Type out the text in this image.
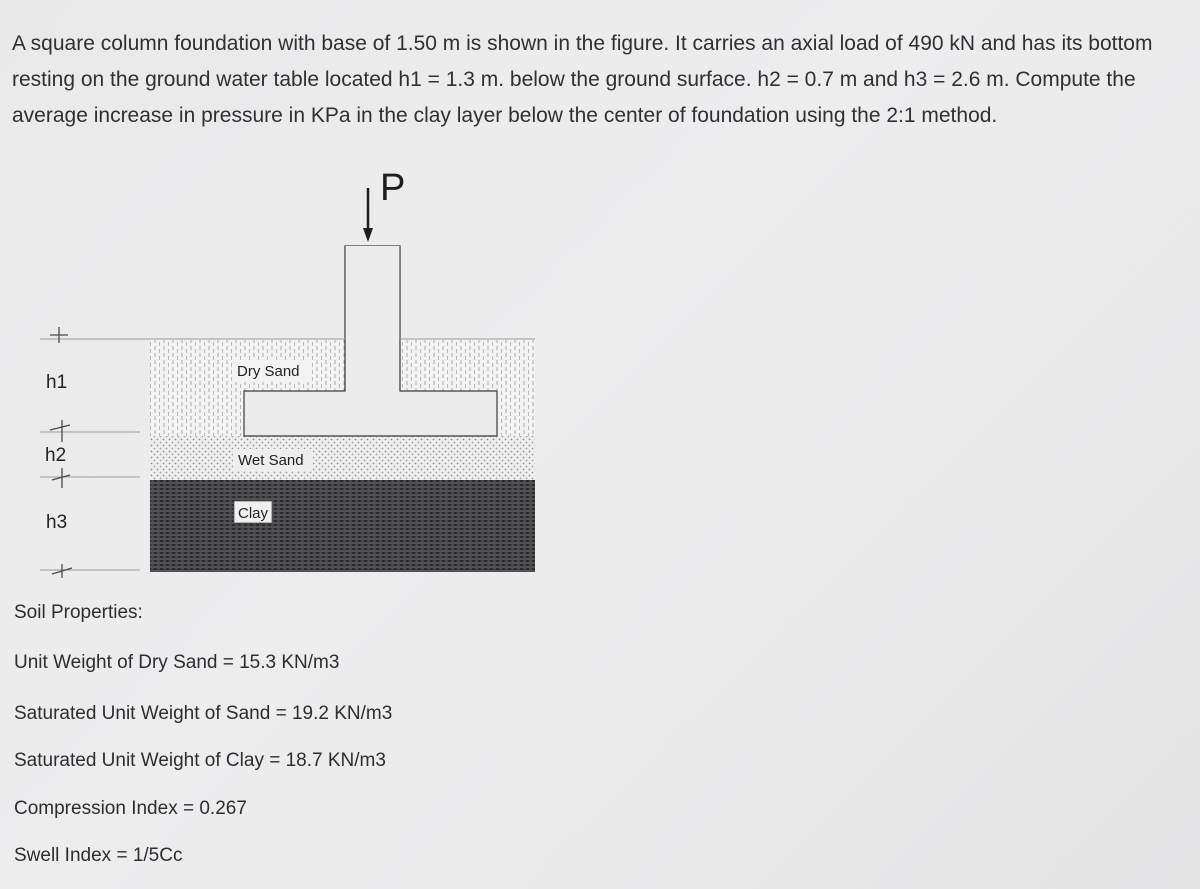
A square column foundation with base of 1.50 m is shown in the figure. It carries an axial load of 490 kN and has its bottom
resting on the ground water table located h1 = 1.3 m. below the ground surface. h2 = 0.7 m and h3 = 2.6 m. Compute the
average increase in pressure in KPa in the clay layer below the center of foundation using the 2:1 method.
P
Dry Sand
Wet Sand
Clay
h1
h2
h3
Soil Properties:
Unit Weight of Dry Sand = 15.3 KN/m3
Saturated Unit Weight of Sand = 19.2 KN/m3
Saturated Unit Weight of Clay = 18.7 KN/m3
Compression Index = 0.267
Swell Index = 1/5Cc
